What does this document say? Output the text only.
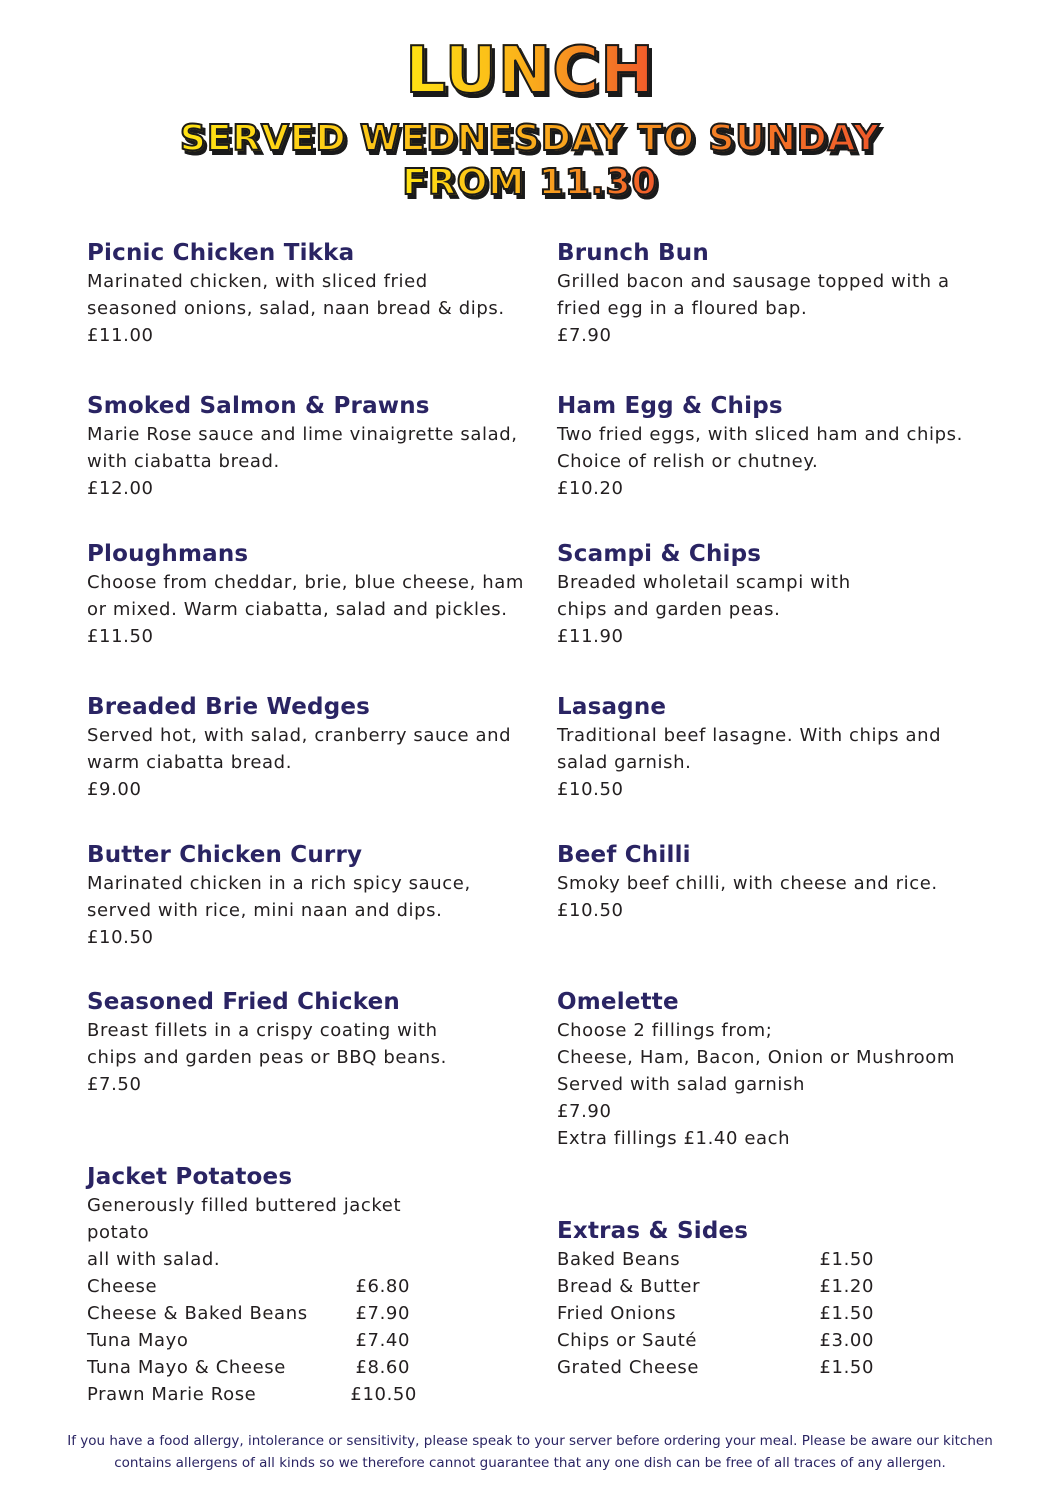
LUNCH
SERVED WEDNESDAY TO SUNDAY
FROM 11.30
Picnic Chicken Tikka

Marinated chicken, with sliced fried

seasoned onions, salad, naan bread & dips.

£11.00

Smoked Salmon & Prawns

Marie Rose sauce and lime vinaigrette salad,

with ciabatta bread.

£12.00

Ploughmans

Choose from cheddar, brie, blue cheese, ham

or mixed. Warm ciabatta, salad and pickles.

£11.50

Breaded Brie Wedges

Served hot, with salad, cranberry sauce and

warm ciabatta bread.

£9.00

Butter Chicken Curry

Marinated chicken in a rich spicy sauce,

served with rice, mini naan and dips.

£10.50

Seasoned Fried Chicken

Breast fillets in a crispy coating with

chips and garden peas or BBQ beans.

£7.50

Jacket Potatoes

Generously filled buttered jacket potato

all with salad.

Cheese	£6.80
Cheese & Baked Beans	£7.90
Tuna Mayo	£7.40
Tuna Mayo & Cheese	£8.60
Prawn Marie Rose	£10.50
Brunch Bun

Grilled bacon and sausage topped with a

fried egg in a floured bap.

£7.90

Ham Egg & Chips

Two fried eggs, with sliced ham and chips.

Choice of relish or chutney.

£10.20

Scampi & Chips

Breaded wholetail scampi with

chips and garden peas.

£11.90

Lasagne

Traditional beef lasagne. With chips and

salad garnish.

£10.50

Beef Chilli

Smoky beef chilli, with cheese and rice.

£10.50

Omelette

Choose 2 fillings from;

Cheese, Ham, Bacon, Onion or Mushroom

Served with salad garnish

£7.90

Extra fillings £1.40 each

Extras & Sides
Baked Beans	£1.50
Bread & Butter	£1.20
Fried Onions	£1.50
Chips or Sauté	£3.00
Grated Cheese	£1.50
If you have a food allergy, intolerance or sensitivity, please speak to your server before ordering your meal. Please be aware our kitchen
contains allergens of all kinds so we therefore cannot guarantee that any one dish can be free of all traces of any allergen.
